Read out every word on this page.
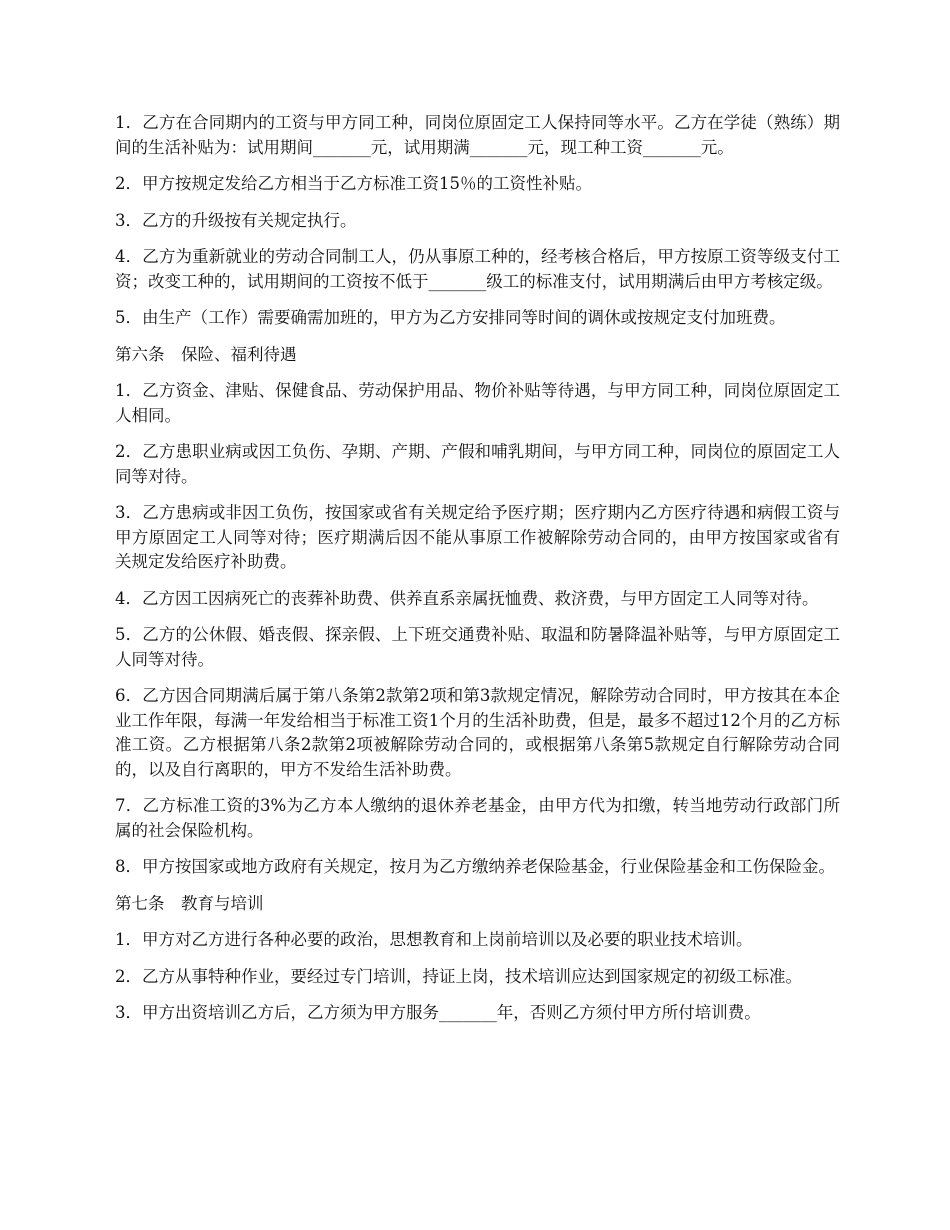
1．乙方在合同期内的工资与甲方同工种，同岗位原固定工人保持同等水平。乙方在学徒（熟练）期间的生活补贴为：试用期间_______元，试用期满_______元，现工种工资_______元。

2．甲方按规定发给乙方相当于乙方标准工资15％的工资性补贴。

3．乙方的升级按有关规定执行。

4．乙方为重新就业的劳动合同制工人，仍从事原工种的，经考核合格后，甲方按原工资等级支付工资；改变工种的，试用期间的工资按不低于_______级工的标准支付，试用期满后由甲方考核定级。

5．由生产（工作）需要确需加班的，甲方为乙方安排同等时间的调休或按规定支付加班费。

第六条　保险、福利待遇

1．乙方资金、津贴、保健食品、劳动保护用品、物价补贴等待遇，与甲方同工种，同岗位原固定工人相同。

2．乙方患职业病或因工负伤、孕期、产期、产假和哺乳期间，与甲方同工种，同岗位的原固定工人同等对待。

3．乙方患病或非因工负伤，按国家或省有关规定给予医疗期；医疗期内乙方医疗待遇和病假工资与甲方原固定工人同等对待；医疗期满后因不能从事原工作被解除劳动合同的，由甲方按国家或省有关规定发给医疗补助费。

4．乙方因工因病死亡的丧葬补助费、供养直系亲属抚恤费、救济费，与甲方固定工人同等对待。

5．乙方的公休假、婚丧假、探亲假、上下班交通费补贴、取温和防暑降温补贴等，与甲方原固定工人同等对待。

6．乙方因合同期满后属于第八条第2款第2项和第3款规定情况，解除劳动合同时，甲方按其在本企业工作年限，每满一年发给相当于标准工资1个月的生活补助费，但是，最多不超过12个月的乙方标准工资。乙方根据第八条2款第2项被解除劳动合同的，或根据第八条第5款规定自行解除劳动合同的，以及自行离职的，甲方不发给生活补助费。

7．乙方标准工资的3%为乙方本人缴纳的退休养老基金，由甲方代为扣缴，转当地劳动行政部门所属的社会保险机构。

8．甲方按国家或地方政府有关规定，按月为乙方缴纳养老保险基金，行业保险基金和工伤保险金。

第七条　教育与培训

1．甲方对乙方进行各种必要的政治，思想教育和上岗前培训以及必要的职业技术培训。

2．乙方从事特种作业，要经过专门培训，持证上岗，技术培训应达到国家规定的初级工标准。

3．甲方出资培训乙方后，乙方须为甲方服务_______年，否则乙方须付甲方所付培训费。
